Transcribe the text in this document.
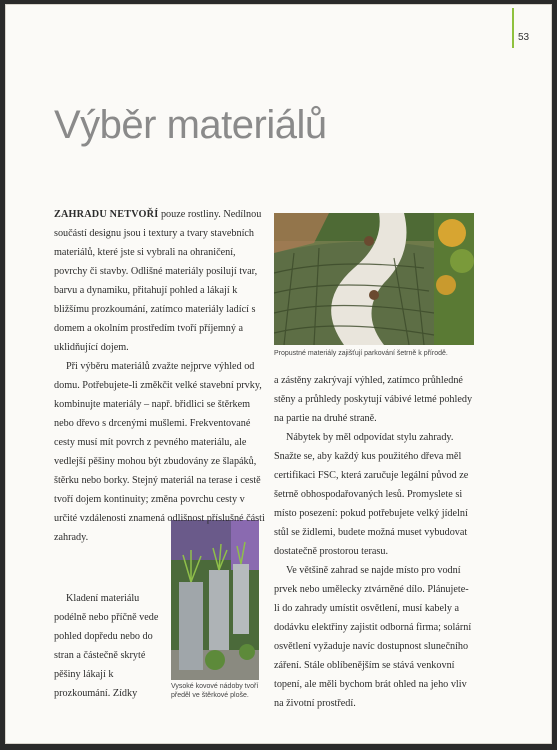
53
Výběr materiálů
Propustné materiály zajišťují parkování šetrně k přírodě.
Vysoké kovové nádoby tvoří předěl ve štěrkové ploše.

ZAHRADU NETVOŘÍ pouze rostliny. Nedílnou součástí designu jsou i textury a tvary stavebních materiálů, které jste si vybrali na ohraničení, povrchy či stavby. Odlišné materiály posilují tvar, barvu a dynamiku, přitahují pohled a lákají k bližšímu prozkoumání, zatímco materiály ladící s domem a okolním prostředím tvoří příjemný a uklidňující dojem.

Při výběru materiálů zvažte nejprve výhled od domu. Potřebujete-li změkčit velké stavební prvky, kombinujte materiály – např. břidlici se štěrkem nebo dřevo s drcenými mušlemi. Frekventované cesty musí mít povrch z pevného materiálu, ale vedlejší pěšiny mohou být zbudovány ze šlapáků, štěrku nebo borky. Stejný materiál na terase i cestě tvoří dojem kontinuity; změna povrchu cesty v určité vzdálenosti znamená odlišnost příslušné části zahrady.

Kladení materiálu podélně nebo příčně vede pohled dopředu nebo do stran a částečně skryté pěšiny lákají k prozkoumání. Zídky

a zástěny zakrývají výhled, zatímco průhledné stěny a průhledy poskytují vábivé letmé pohledy na partie na druhé straně.

Nábytek by měl odpovídat stylu zahrady. Snažte se, aby každý kus použitého dřeva měl certifikaci FSC, která zaručuje legální původ ze šetrně obhospodařovaných lesů. Promyslete si místo posezení: pokud potřebujete velký jídelní stůl se židlemi, budete možná muset vybudovat dostatečně prostorou terasu.

Ve většině zahrad se najde místo pro vodní prvek nebo umělecky ztvárněné dílo. Plánujete-li do zahrady umístit osvětlení, musí kabely a dodávku elektřiny zajistit odborná firma; solární osvětlení vyžaduje navíc dostupnost slunečního záření. Stále oblíbenějším se stává venkovní topení, ale měli bychom brát ohled na jeho vliv na životní prostředí.
